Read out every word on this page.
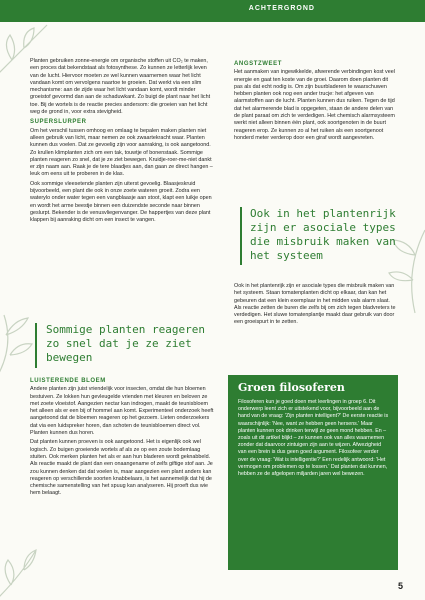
ACHTERGROND

Planten gebruiken zonne-energie om organische stoffen uit CO₂ te maken, een proces dat bekendstaat als fotosynthese. Zo kunnen ze letterlijk leven van de lucht. Hiervoor moeten ze wel kunnen waarnemen waar het licht vandaan komt om vervolgens naartoe te groeien. Dat werkt via een slim mechanisme: aan de zijde waar het licht vandaan komt, wordt minder groeistof gevormd dan aan de schaduwkant. Zo buigt de plant naar het licht toe. Bij de wortels is de reactie precies andersom: die groeien van het licht weg de grond in, voor extra stevigheid.

SUPERSLURPER

Om het verschil tussen omhoog en omlaag te bepalen maken planten niet alleen gebruik van licht, maar nemen ze ook zwaartekracht waar. Planten kunnen dus voelen. Dat ze gevoelig zijn voor aanraking, is ook aangetoond. Zo krullen klimplanten zich om een tak, touwtje of bonenstaak. Sommige planten reageren zo snel, dat je ze ziet bewegen. Kruidje-roer-me-niet dankt er zijn naam aan. Raak je de tere blaadjes aan, dan gaan ze direct hangen – leuk om eens uit te proberen in de klas.

Ook sommige vleesetende planten zijn uiterst gevoelig. Blaasjeskruid bijvoorbeeld, een plant die ook in onze zoete wateren groeit. Zodra een waterylo onder water tegen een vangblaasje aan stoot, klapt een luikje open en wordt het arme beestje binnen een duizendste seconde naar binnen geslurpt. Bekender is de venusvliegenvanger. De happertjes van deze plant klappen bij aanraking dicht om een insect te vangen.

Sommige planten reageren zo snel dat je ze ziet bewegen
LUISTERENDE BLOEM

Andere planten zijn juist vriendelijk voor insecten, omdat die hun bloemen bestuiven. Ze lokken hun gevleugelde vrienden met kleuren en beloven ze met zoete vloeistof. Aangezien nectar kan indrogen, maakt de teunisbloem het alleen als er een bij of hommel aan komt. Experimenteel onderzoek heeft aangetoond dat de bloemen reageren op het gezoem. Lieten onderzoekers dat via een luidspreker horen, dan schoten de teunisbloemen direct vol. Planten kunnen dus horen.

Dat planten kunnen proeven is ook aangetoond. Het is eigenlijk ook wel logisch. Zo buigen groeiende wortels af als ze op een zoute bodemlaag stuiten. Ook merken planten het als er aan hun bladeren wordt geknabbeld. Als reactie maakt de plant dan een onaangename of zelfs giftige stof aan. Je zou kunnen denken dat dat voelen is, maar aangezien een plant anders kan reageren op verschillende soorten knabbelaars, is het aannemelijk dat hij de chemische samenstelling van het spuug kan analyseren. Hij proeft dus wie hem belaagt.

ANGSTZWEET

Het aanmaken van ingewikkelde, afwerende verbindingen kost veel energie en gaat ten koste van de groei. Daarom doen planten dit pas als dat echt nodig is. Om zijn buurbladeren te waarschuwen hebben planten ook nog een ander trucje: het afgeven van alarmstoffen aan de lucht. Planten kunnen dus ruiken. Tegen de tijd dat het alarmerende blad is opgegeten, staan de andere delen van de plant paraat om zich te verdedigen. Het chemisch alarmsysteem werkt niet alleen binnen één plant, ook soortgenoten in de buurt reageren erop. Ze kunnen zo al het ruiken als een soortgenoot honderd meter verderop door een giraf wordt aangevreten.

Ook in het plantenrijk zijn er asociale types die misbruik maken van het systeem

Ook in het plantenrijk zijn er asociale types die misbruik maken van het systeem. Staan tomatenplanten dicht op elkaar, dan kan het gebeuren dat een klein exemplaar in het midden vals alarm slaat. Als reactie zetten de buren die zelfs bij om zich tegen bladvreters te verdedigen. Het sluwe tomatenplantje maakt daar gebruik van door een groeispurt in te zetten.

Groen filosoferen
Filosoferen kun je goed doen met leerlingen in groep 6. Dit onderwerp leent zich er uitstekend voor, bijvoorbeeld aan de hand van de vraag: 'Zijn planten intelligent?' De eerste reactie is waarschijnlijk: 'Nee, want ze hebben geen hersens.' Maar planten kunnen ook drinken terwijl ze geen mond hebben. En – zoals uit dit artikel blijkt – ze kunnen ook van alles waarnemen zonder dat daarvoor zintuigen zijn aan te wijzen. Afwezigheid van een brein is dus geen goed argument. Filosofeer verder over de vraag: 'Wat is intelligentie?' Een redelijk antwoord: 'Het vermogen om problemen op te lossen.' Dat planten dat kunnen, hebben ze de afgelopen miljarden jaren wel bewezen.
5
